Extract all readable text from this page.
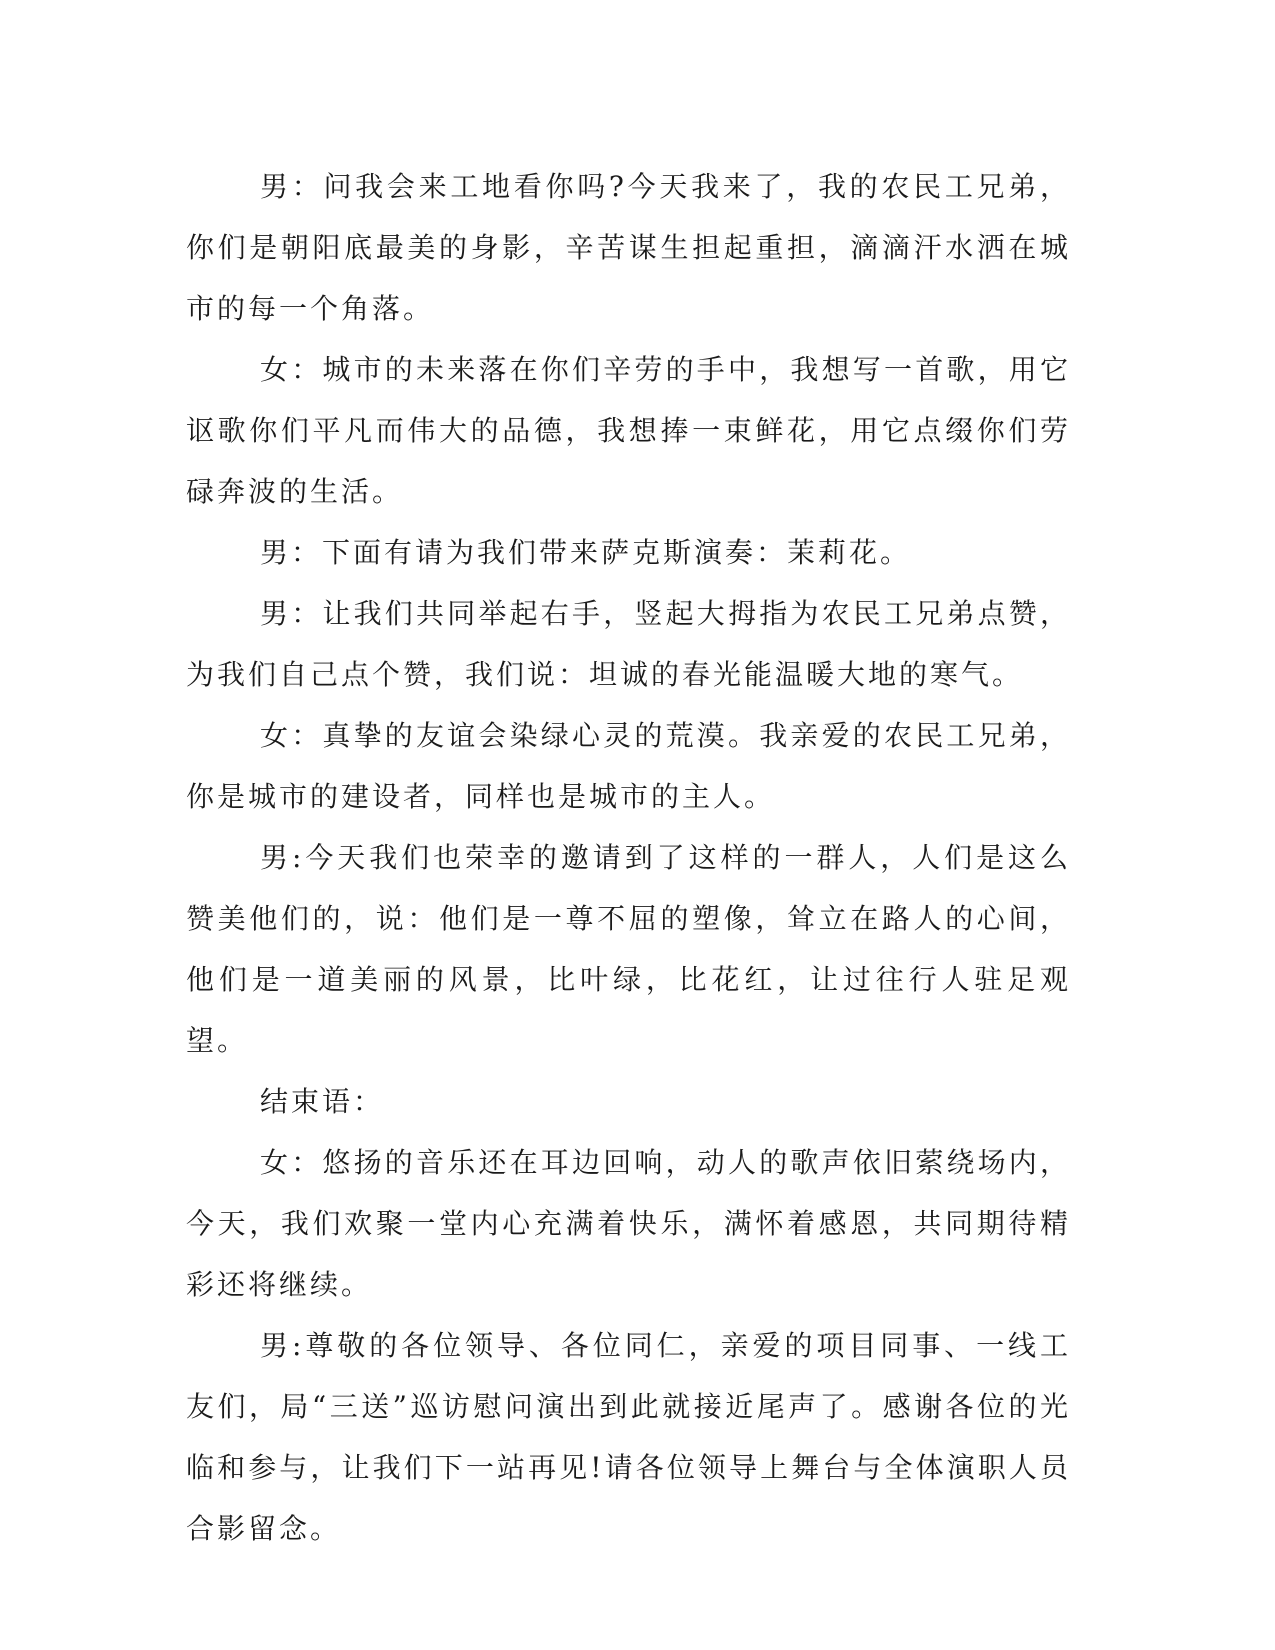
男：问我会来工地看你吗?今天我来了，我的农民工兄弟，你们是朝阳底最美的身影，辛苦谋生担起重担，滴滴汗水洒在城市的每一个角落。

女：城市的未来落在你们辛劳的手中，我想写一首歌，用它讴歌你们平凡而伟大的品德，我想捧一束鲜花，用它点缀你们劳碌奔波的生活。

男：下面有请为我们带来萨克斯演奏：茉莉花。

男：让我们共同举起右手，竖起大拇指为农民工兄弟点赞，为我们自己点个赞，我们说：坦诚的春光能温暖大地的寒气。

女：真挚的友谊会染绿心灵的荒漠。我亲爱的农民工兄弟，你是城市的建设者，同样也是城市的主人。

男:今天我们也荣幸的邀请到了这样的一群人，人们是这么赞美他们的，说：他们是一尊不屈的塑像，耸立在路人的心间，他们是一道美丽的风景，比叶绿，比花红，让过往行人驻足观望。

结束语：

女：悠扬的音乐还在耳边回响，动人的歌声依旧萦绕场内，今天，我们欢聚一堂内心充满着快乐，满怀着感恩，共同期待精彩还将继续。

男:尊敬的各位领导、各位同仁，亲爱的项目同事、一线工友们，局“三送”巡访慰问演出到此就接近尾声了。感谢各位的光临和参与，让我们下一站再见!请各位领导上舞台与全体演职人员合影留念。
